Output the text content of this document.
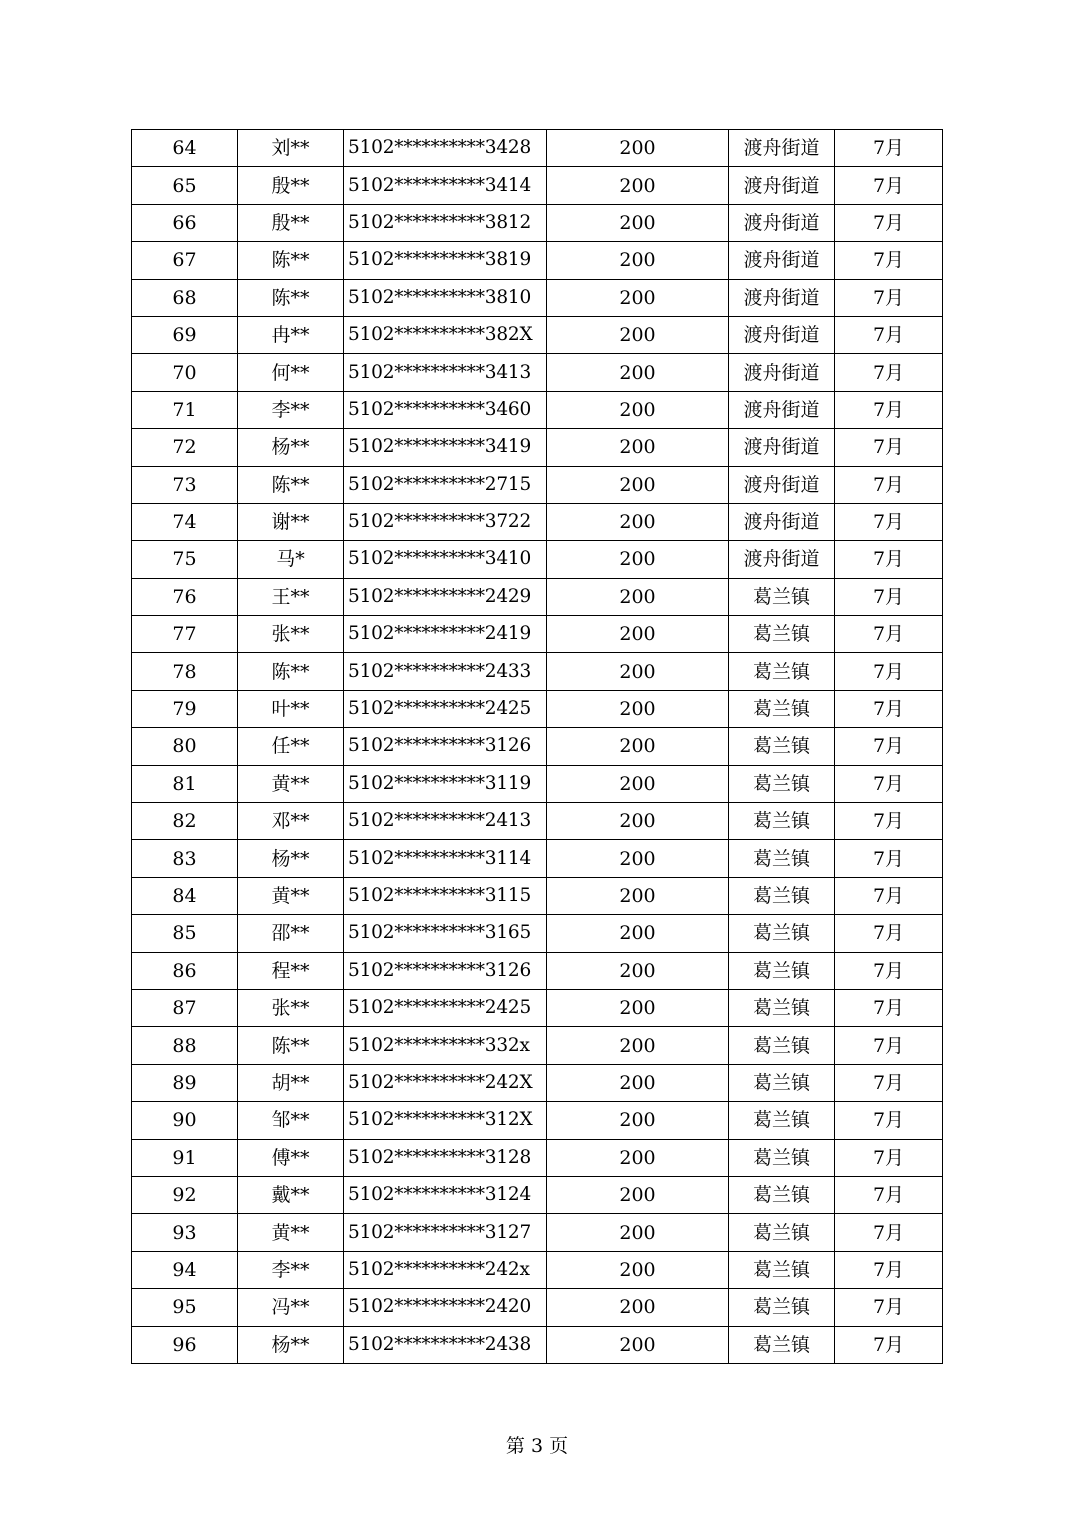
64	刘**	5102**********3428	200	渡舟街道	7月
65	殷**	5102**********3414	200	渡舟街道	7月
66	殷**	5102**********3812	200	渡舟街道	7月
67	陈**	5102**********3819	200	渡舟街道	7月
68	陈**	5102**********3810	200	渡舟街道	7月
69	冉**	5102**********382X	200	渡舟街道	7月
70	何**	5102**********3413	200	渡舟街道	7月
71	李**	5102**********3460	200	渡舟街道	7月
72	杨**	5102**********3419	200	渡舟街道	7月
73	陈**	5102**********2715	200	渡舟街道	7月
74	谢**	5102**********3722	200	渡舟街道	7月
75	马*	5102**********3410	200	渡舟街道	7月
76	王**	5102**********2429	200	葛兰镇	7月
77	张**	5102**********2419	200	葛兰镇	7月
78	陈**	5102**********2433	200	葛兰镇	7月
79	叶**	5102**********2425	200	葛兰镇	7月
80	任**	5102**********3126	200	葛兰镇	7月
81	黄**	5102**********3119	200	葛兰镇	7月
82	邓**	5102**********2413	200	葛兰镇	7月
83	杨**	5102**********3114	200	葛兰镇	7月
84	黄**	5102**********3115	200	葛兰镇	7月
85	邵**	5102**********3165	200	葛兰镇	7月
86	程**	5102**********3126	200	葛兰镇	7月
87	张**	5102**********2425	200	葛兰镇	7月
88	陈**	5102**********332x	200	葛兰镇	7月
89	胡**	5102**********242X	200	葛兰镇	7月
90	邹**	5102**********312X	200	葛兰镇	7月
91	傅**	5102**********3128	200	葛兰镇	7月
92	戴**	5102**********3124	200	葛兰镇	7月
93	黄**	5102**********3127	200	葛兰镇	7月
94	李**	5102**********242x	200	葛兰镇	7月
95	冯**	5102**********2420	200	葛兰镇	7月
96	杨**	5102**********2438	200	葛兰镇	7月
第 3 页
